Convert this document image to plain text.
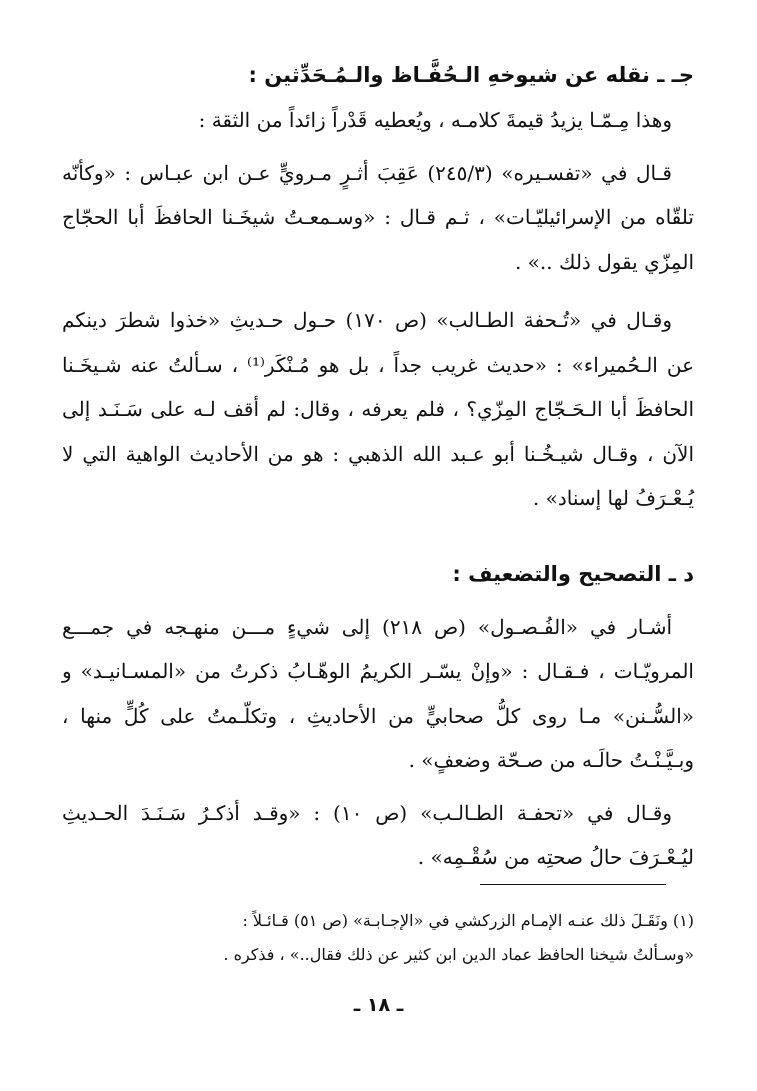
جـ ـ نقله عن شيوخهِ الـحُفَّـاظ والـمُـحَدِّثين :

وهذا مِـمّـا يزيدُ قيمةَ كلامـه ، ويُعطيه قَدْراً زائداً من الثقة :

قـال في «تفسـيره» (٢٤٥/٣) عَقِبَ أثـرٍ مـرويٍّ عـن ابن عبـاس : «وكأنّه تلقّاه من الإسرائيليّـات» ، ثـم قـال : «وسـمعـتُ شيخَـنا الحافظَ أبا الحجّاج المِزّي يقول ذلك ..» .

وقـال في «تُـحفة الطـالب» (ص ١٧٠) حـول حـديثِ «خذوا شطرَ دينكم عن الـحُميراء» : «حديث غريب جداً ، بل هو مُـنْكَر⁽¹⁾ ، سـألتُ عنه شـيخَـنا الحافظَ أبا الـحَـجّاج المِزّي؟ ، فلم يعرفه ، وقال: لم أقف لـه على سَـنَـد إلى الآن ، وقـال شيـخُـنا أبو عـبد الله الذهبي : هو من الأحاديث الواهية التي لا يُـعْـرَفُ لها إسناد» .

د ـ التصحيح والتضعيف :

أشـار في «الفُـصـول» (ص ٢١٨) إلى شيءٍ مـــن منهـجه في جمـــع المرويّـات ، فـقـال : «وإنْ يسّـر الكريمُ الوهّـابُ ذكرتُ من «المسـانيـد» و «السُّـنن» مـا روى كلُّ صحابيٍّ من الأحاديثِ ، وتكلّـمتُ على كُلٍّ منها ، وبـيَّـنْـتُ حالَـه من صـحّة وضعفٍ» .

وقـال في «تحفـة الطـالـب» (ص ١٠) : «وقـد أذكـرُ سَـنَـدَ الحـديثِ ليُـعْـرَفَ حالُ صحتِه من سُقْـمِه» .

(١) ونَقَـلَ ذلك عنـه الإمـام الزركشي في «الإجـابـة» (ص ٥١) قـائـلاً :

«وسـألتُ شيخنا الحافظ عماد الدين ابن كثير عن ذلك فقال..» ، فذكره .

ـ ١٨ ـ
